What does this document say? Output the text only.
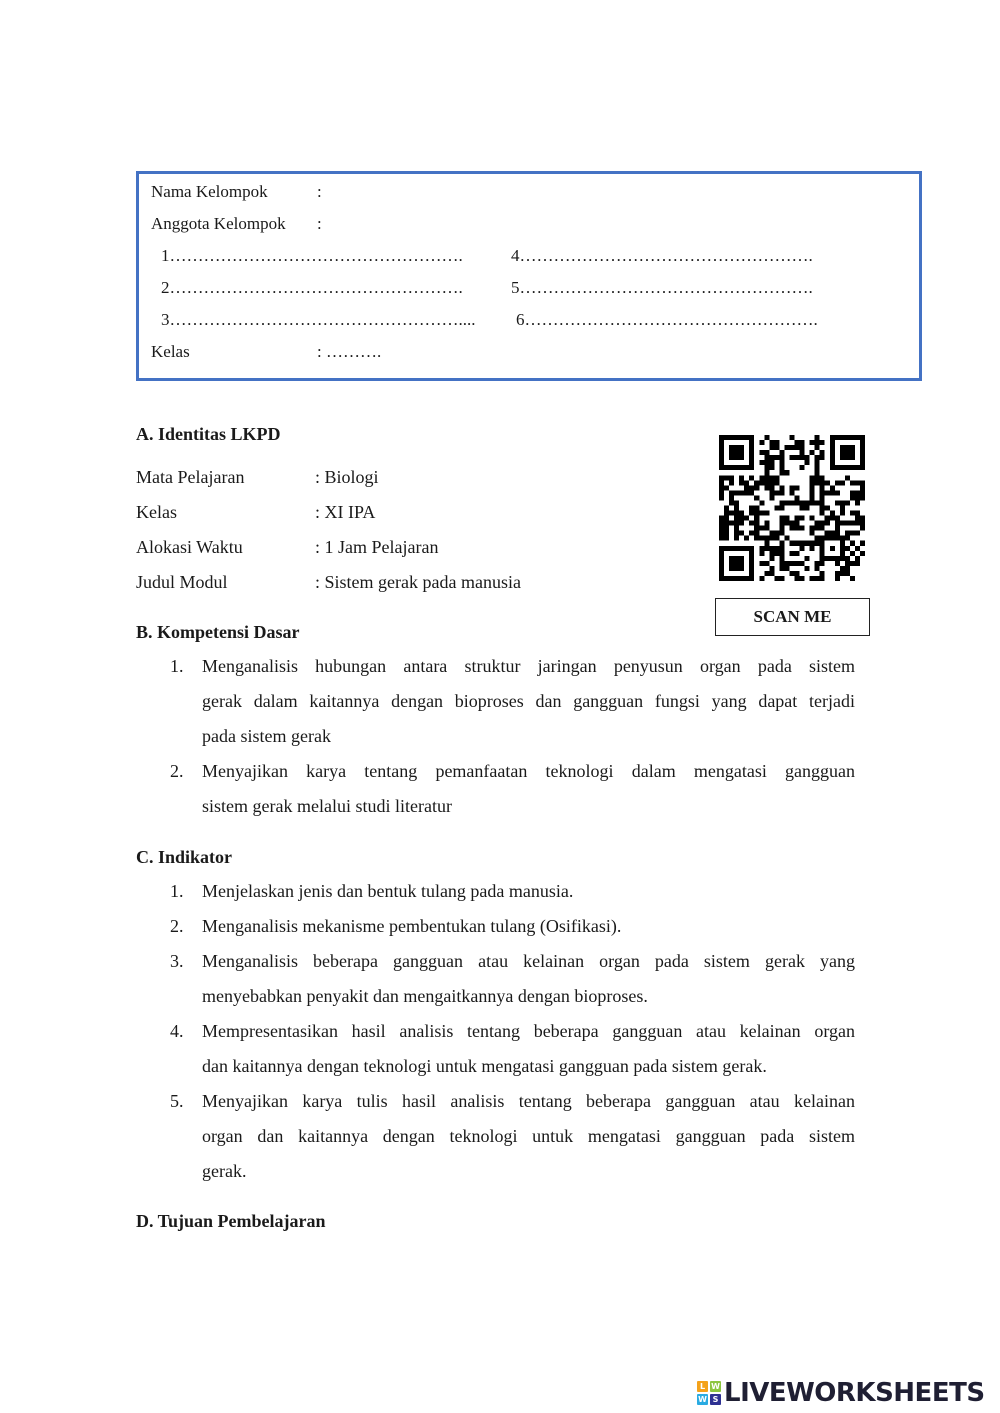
Nama Kelompok	:
Anggota Kelompok :
1…………………………………………….	4…………………………………………….
2…………………………………………….	5…………………………………………….
3…………………………………………….... 6…………………………………………….
Kelas	: ……….
A. Identitas LKPD
Mata Pelajaran	: Biologi
Kelas	: XI IPA
Alokasi Waktu	: 1 Jam Pelajaran
Judul Modul	: Sistem gerak pada manusia
SCAN ME
B. Kompetensi Dasar
1. Menganalisis hubungan antara struktur jaringan penyusun organ pada sistem
gerak dalam kaitannya dengan bioproses dan gangguan fungsi yang dapat terjadi
pada sistem gerak
2. Menyajikan karya tentang pemanfaatan teknologi dalam mengatasi gangguan
sistem gerak melalui studi literatur
C. Indikator
1. Menjelaskan jenis dan bentuk tulang pada manusia.
2. Menganalisis mekanisme pembentukan tulang (Osifikasi).
3. Menganalisis beberapa gangguan atau kelainan organ pada sistem gerak yang
menyebabkan penyakit dan mengaitkannya dengan bioproses.
4. Mempresentasikan hasil analisis tentang beberapa gangguan atau kelainan organ
dan kaitannya dengan teknologi untuk mengatasi gangguan pada sistem gerak.
5. Menyajikan karya tulis hasil analisis tentang beberapa gangguan atau kelainan
organ dan kaitannya dengan teknologi untuk mengatasi gangguan pada sistem
gerak.
D. Tujuan Pembelajaran
L W
W S LIVEWORKSHEETS
